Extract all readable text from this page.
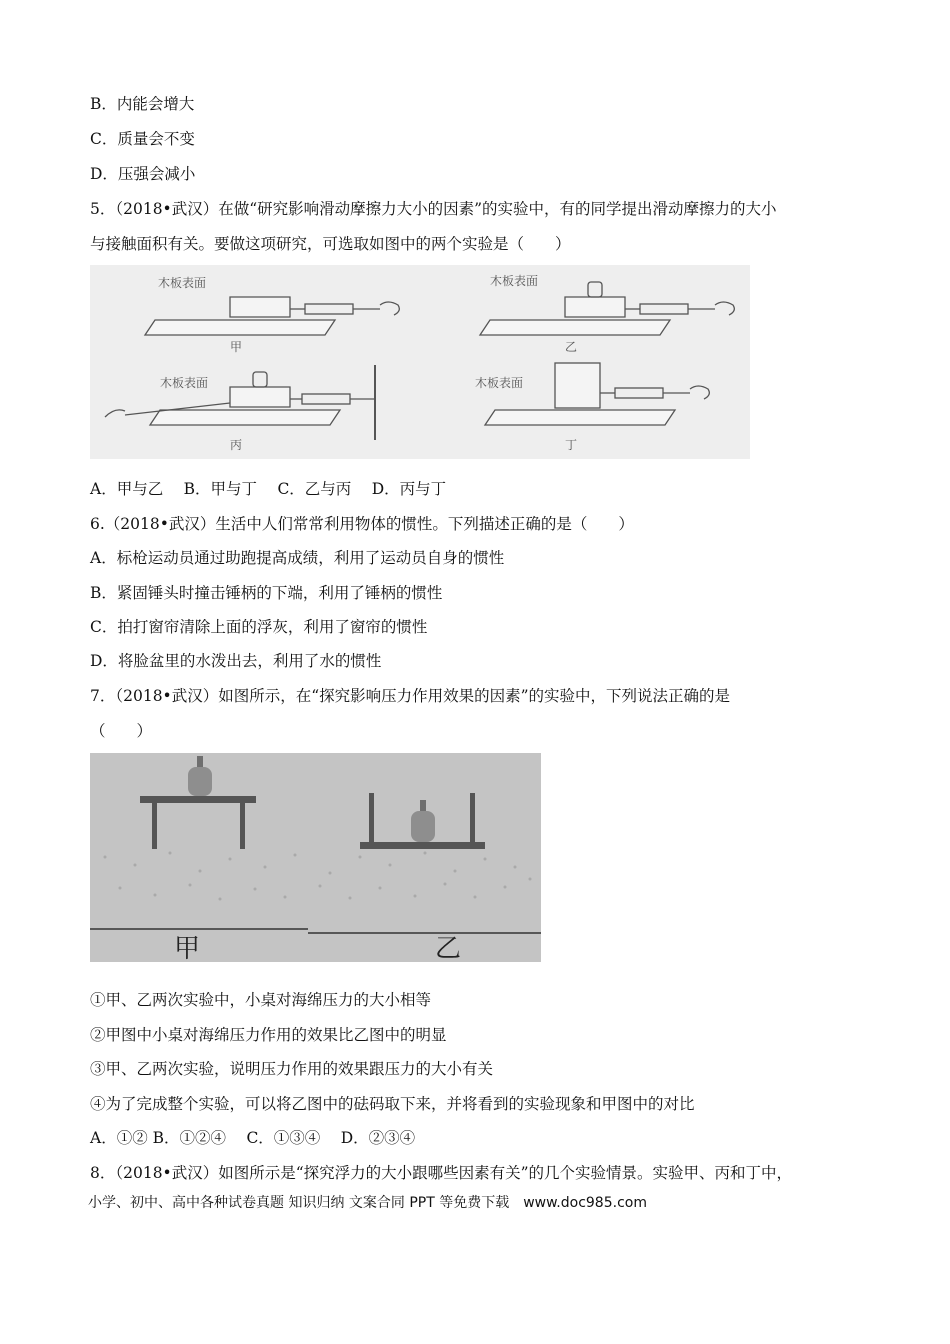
B．内能会增大
C．质量会不变
D．压强会减小
5．（2018•武汉）在做“研究影响滑动摩擦力大小的因素”的实验中，有的同学提出滑动摩擦力的大小
与接触面积有关。要做这项研究，可选取如图中的两个实验是（　　）
木板表面	木板表面
木板表面	木板表面
甲	乙
丙	丁
A．甲与乙　 B．甲与丁　 C．乙与丙　 D．丙与丁
6.（2018•武汉）生活中人们常常利用物体的惯性。下列描述正确的是（　　）
A．标枪运动员通过助跑提高成绩，利用了运动员自身的惯性
B．紧固锤头时撞击锤柄的下端，利用了锤柄的惯性
C．拍打窗帘清除上面的浮灰，利用了窗帘的惯性
D．将脸盆里的水泼出去，利用了水的惯性
7．（2018•武汉）如图所示，在“探究影响压力作用效果的因素”的实验中，下列说法正确的是
（　　）
甲	乙
①甲、乙两次实验中，小桌对海绵压力的大小相等
②甲图中小桌对海绵压力作用的效果比乙图中的明显
③甲、乙两次实验，说明压力作用的效果跟压力的大小有关
④为了完成整个实验，可以将乙图中的砝码取下来，并将看到的实验现象和甲图中的对比
A．①② B．①②④　 C．①③④　 D．②③④
8．（2018•武汉）如图所示是“探究浮力的大小跟哪些因素有关”的几个实验情景。实验甲、丙和丁中，
小学、初中、高中各种试卷真题 知识归纳 文案合同 PPT 等免费下载　www.doc985.com
